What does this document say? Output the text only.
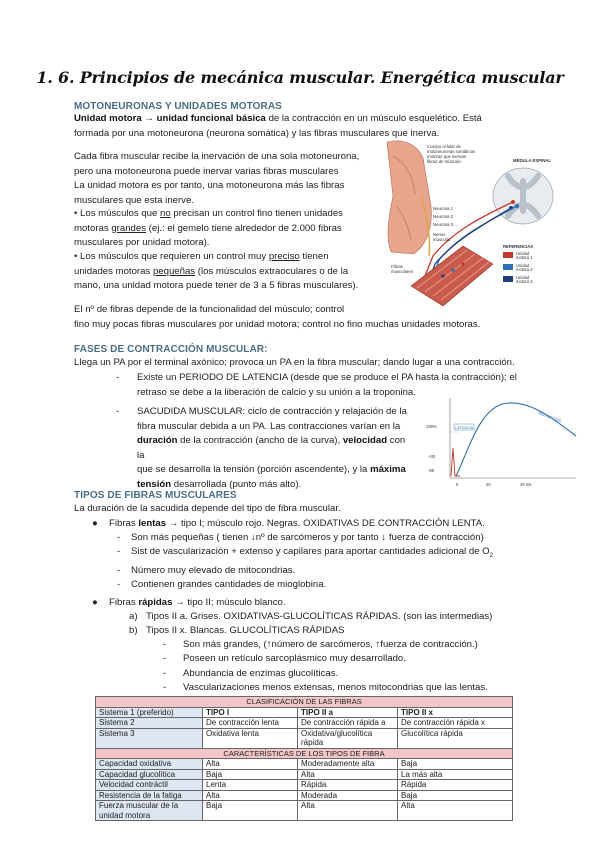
1. 6. Principios de mecánica muscular. Energética muscular
MOTONEURONAS Y UNIDADES MOTORAS
Unidad motora → unidad funcional básica de la contracción en un músculo esquelético. Está
formada por una motoneurona (neurona somática) y las fibras musculares que inerva.
Cada fibra muscular recibe la inervación de una sola motoneurona,
pero una motoneurona puede inervar varias fibras musculares
La unidad motora es por tanto, una motoneurona más las fibras
musculares que esta inerve.
• Los músculos que no precisan un control fino tienen unidades
motoras grandes (ej.: el gemelo tiene alrededor de 2.000 fibras
musculares por unidad motora).
• Los músculos que requieren un control muy preciso tienen
unidades motoras pequeñas (los músculos extraoculares o de la
mano, una unidad motora puede tener de 3 a 5 fibras musculares).
El nº de fibras depende de la funcionalidad del músculo; control
fino muy pocas fibras musculares por unidad motora; control no fino muchas unidades motoras.
Cuerpo celular de
motoneuronas somáticas
motoras que inervan
fibras de músculo	MÉDULA ESPINAL
Neurona 1
Neurona 2
Neurona 3
Nervio
muscular
Fibras
musculares
REFERENCIAS
Unidad
motora 1
Unidad
motora 2
Unidad
motora 3
FASES DE CONTRACCIÓN MUSCULAR:
Llega un PA por el terminal axónico; provoca un PA en la fibra muscular; dando lugar a una contracción.
- Existe un PERIODO DE LATENCIA (desde que se produce el PA hasta la contracción); el
retraso se debe a la liberación de calcio y su unión a la troponina.
- SACUDIDA MUSCULAR: ciclo de contracción y relajación de la
fibra muscular debida a un PA. Las contracciones varían en la
duración de la contracción (ancho de la curva), velocidad con la
que se desarrolla la tensión (porción ascendente), y la máxima
tensión desarrollada (punto más alto).
100%
+30
-85
LATENCIA
RELAJACIÓN
0	20	40 ms
TIPOS DE FIBRAS MUSCULARES
La duración de la sacudida depende del tipo de fibra muscular.
● Fibras lentas → tipo I; músculo rojo. Negras. OXIDATIVAS DE CONTRACCIÓN LENTA.
- Son más pequeñas ( tienen ↓nº de sarcómeros y por tanto ↓ fuerza de contracción)
- Sist de vascularización + extenso y capilares para aportar cantidades adicional de $O_2$
- Número muy elevado de mitocondrias.
- Contienen grandes cantidades de mioglobina.
● Fibras rápidas → tipo II; músculo blanco.
a) Tipos II a. Grises. OXIDATIVAS-GLUCOLÍTICAS RÁPIDAS. (son las intermedias)
b) Tipos II x. Blancas. GLUCOLÍTICAS RÁPIDAS
- Son más grandes, (↑número de sarcómeros, ↑fuerza de contracción.)
- Poseen un retículo sarcoplásmico muy desarrollado.
- Abundancia de enzimas glucolíticas.
- Vascularizaciones menos extensas, menos mitocondrias que las lentas.
CLASIFICACIÓN DE LAS FIBRAS			
Sistema 1 (preferido)	TIPO I	TIPO II a	TIPO II x
Sistema 2	De contracción lenta	De contracción rápida a	De contracción rápida x
Sistema 3	Oxidativa lenta	Oxidativa/glucolítica rápida	Glucolítica rápida
CARACTERÍSTICAS DE LOS TIPOS DE FIBRA			
Capacidad oxidativa	Alta	Moderadamente alta	Baja
Capacidad glucolítica	Baja	Alta	La más alta
Velocidad contráctil	Lenta	Rápida	Rápida
Resistencia de la fatiga	Alta	Moderada	Baja
Fuerza muscular de la unidad motora	Baja	Alta	Alta
